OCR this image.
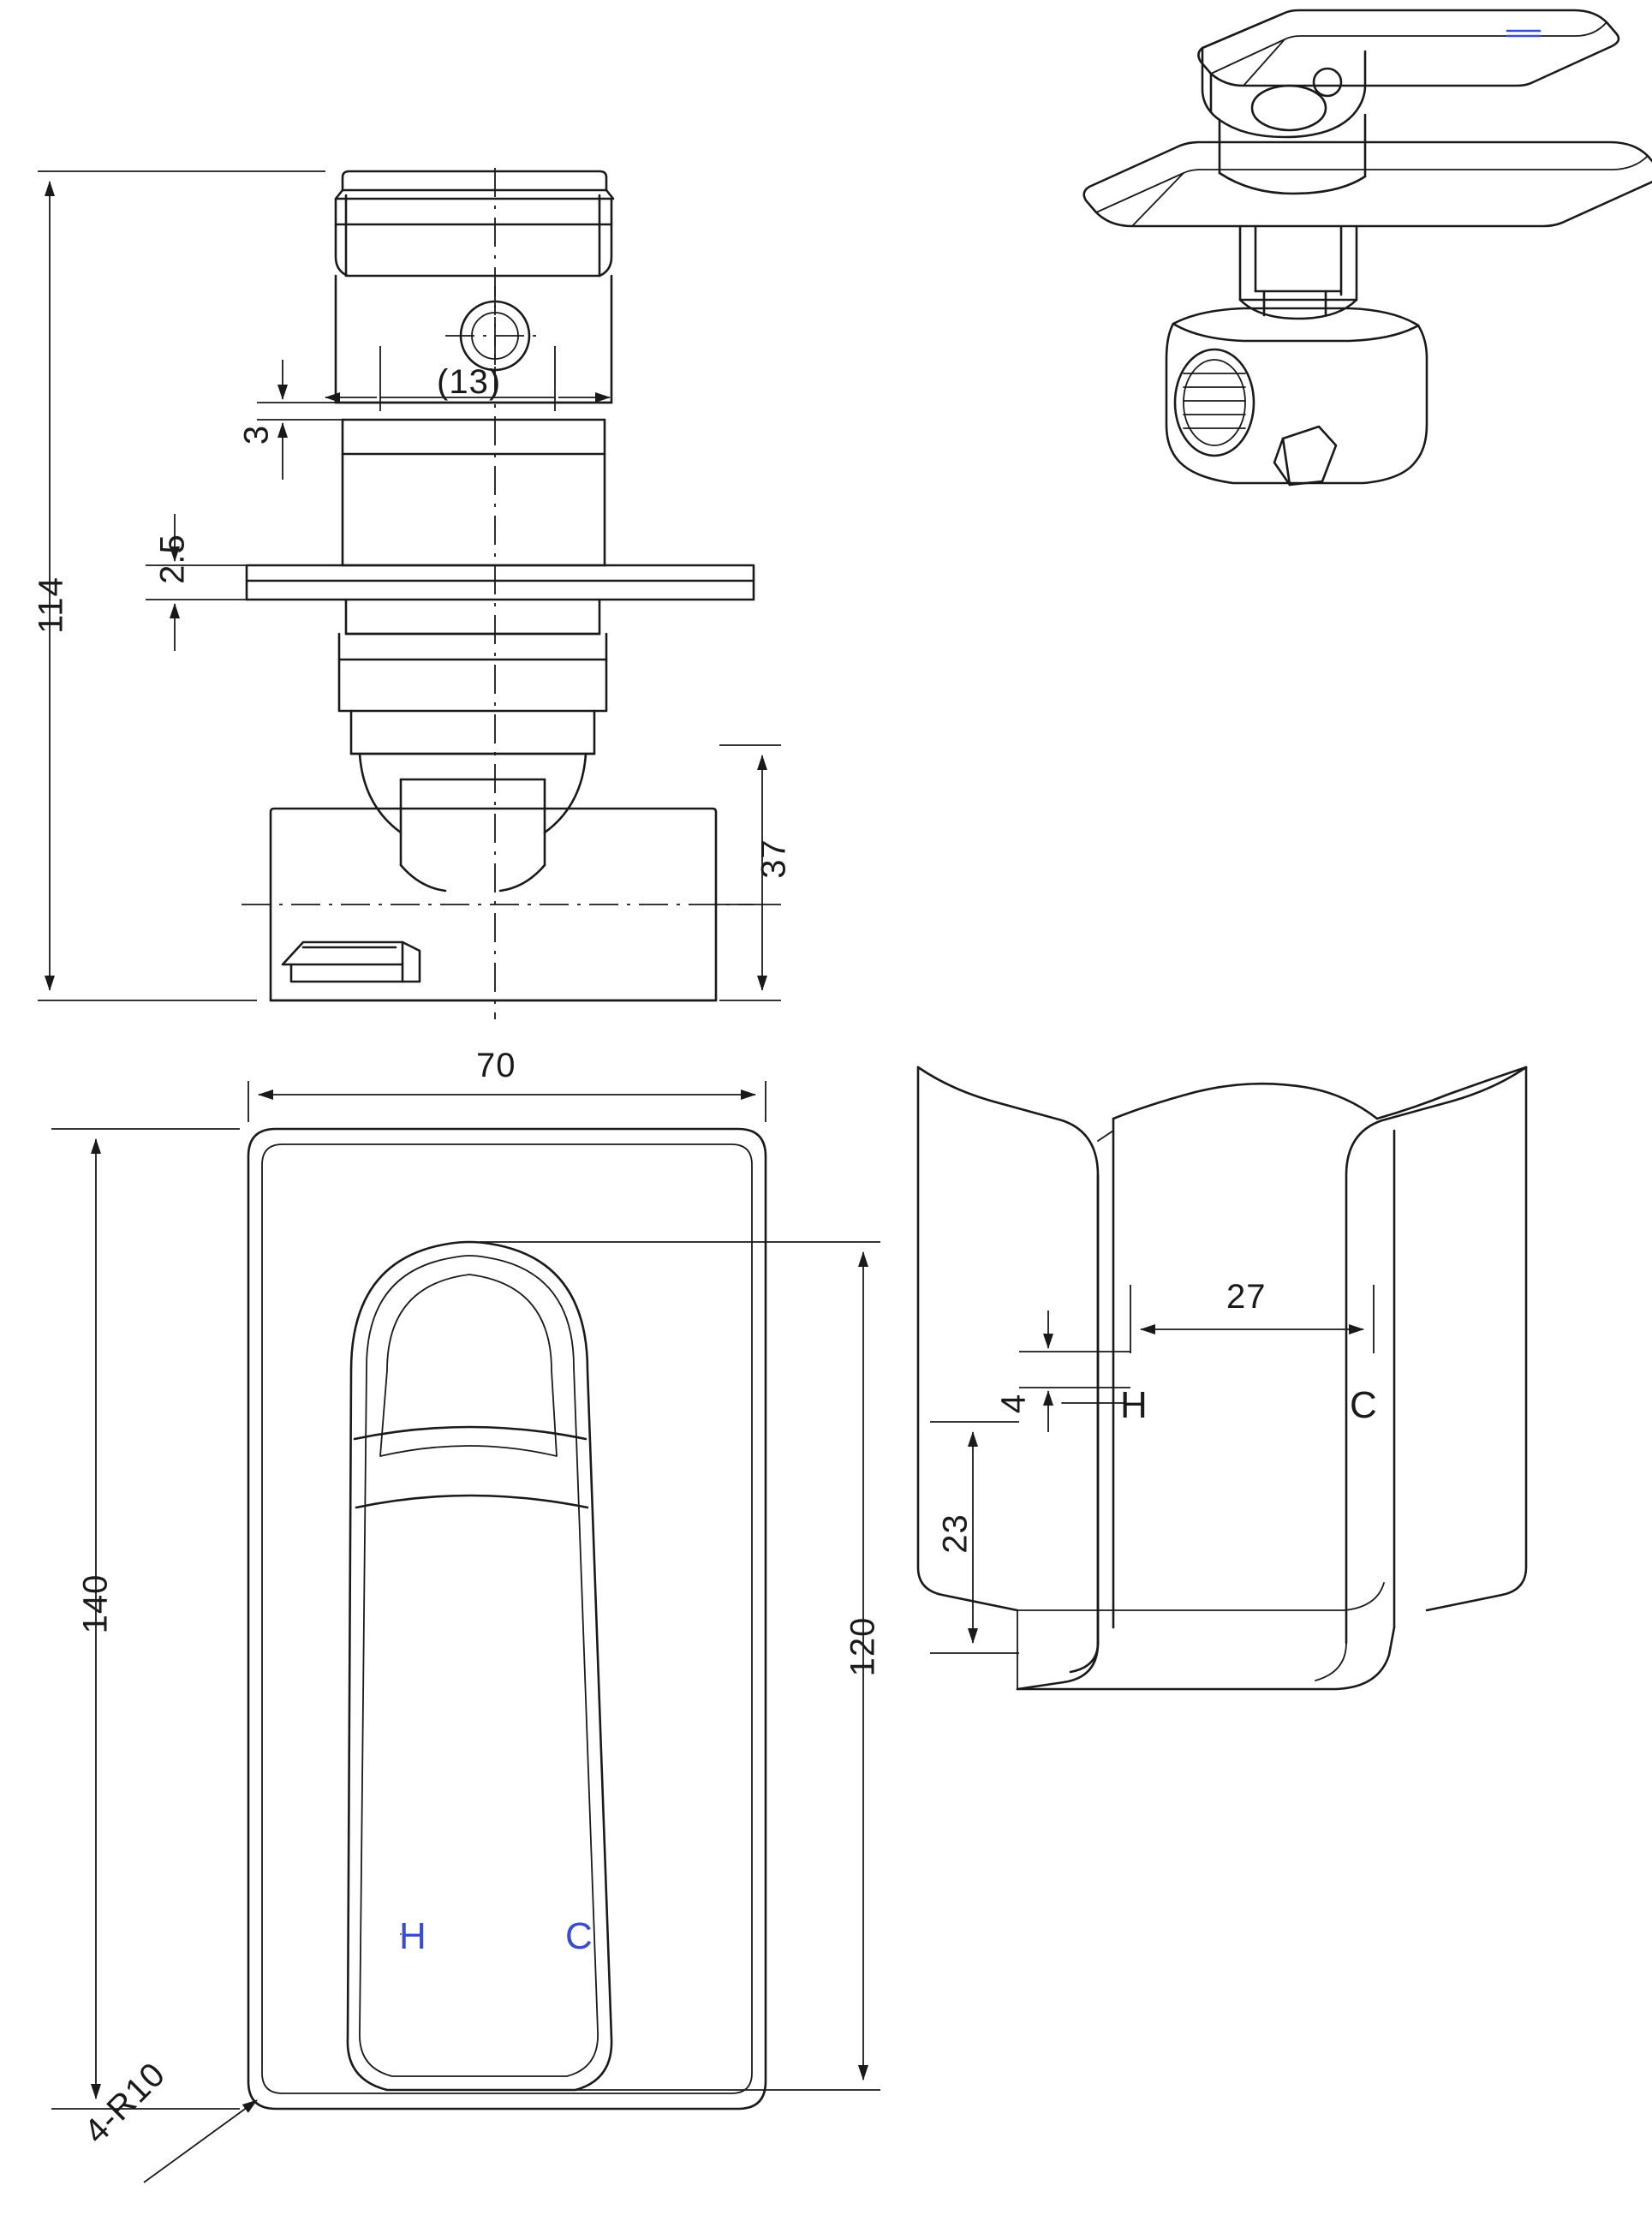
114
2.5
3
(13)
37
70
140
120
4-R10
27
4
23
H	C
H	C
